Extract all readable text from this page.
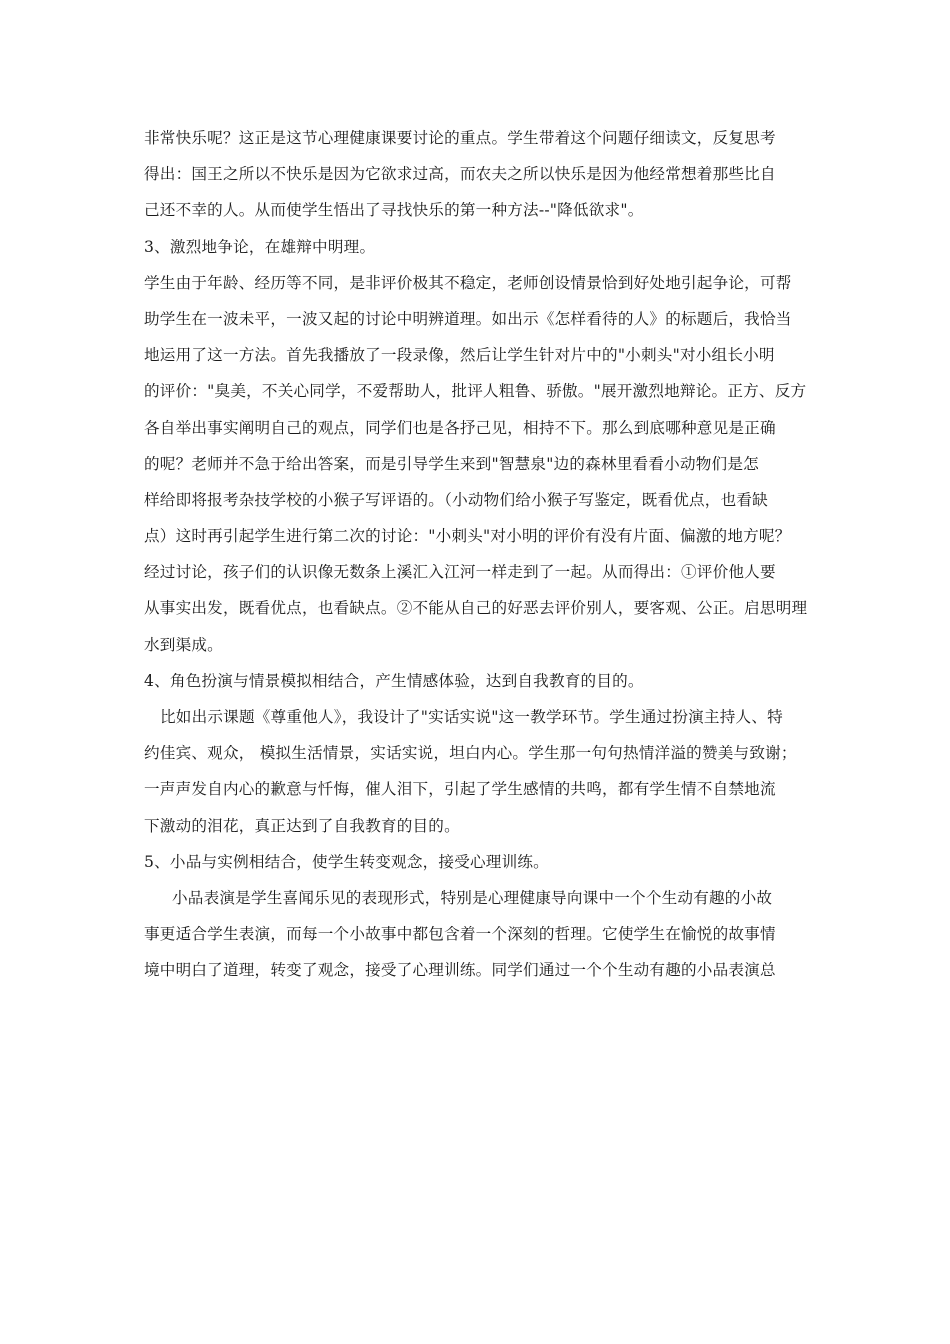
非常快乐呢？这正是这节心理健康课要讨论的重点。学生带着这个问题仔细读文，反复思考
得出：国王之所以不快乐是因为它欲求过高，而农夫之所以快乐是因为他经常想着那些比自
己还不幸的人。从而使学生悟出了寻找快乐的第一种方法--"降低欲求"。
3、激烈地争论，在雄辩中明理。
学生由于年龄、经历等不同，是非评价极其不稳定，老师创设情景恰到好处地引起争论，可帮
助学生在一波未平，一波又起的讨论中明辨道理。如出示《怎样看待的人》的标题后，我恰当
地运用了这一方法。首先我播放了一段录像，然后让学生针对片中的"小刺头"对小组长小明
的评价："臭美，不关心同学，不爱帮助人，批评人粗鲁、骄傲。"展开激烈地辩论。正方、反方
各自举出事实阐明自己的观点，同学们也是各抒己见，相持不下。那么到底哪种意见是正确
的呢？老师并不急于给出答案，而是引导学生来到"智慧泉"边的森林里看看小动物们是怎
样给即将报考杂技学校的小猴子写评语的。（小动物们给小猴子写鉴定，既看优点，也看缺
点）这时再引起学生进行第二次的讨论："小刺头"对小明的评价有没有片面、偏激的地方呢？
经过讨论，孩子们的认识像无数条上溪汇入江河一样走到了一起。从而得出：①评价他人要
从事实出发，既看优点，也看缺点。②不能从自己的好恶去评价别人，要客观、公正。启思明理
水到渠成。
4、角色扮演与情景模拟相结合，产生情感体验，达到自我教育的目的。
比如出示课题《尊重他人》，我设计了"实话实说"这一教学环节。学生通过扮演主持人、特
约佳宾、观众， 模拟生活情景，实话实说，坦白内心。学生那一句句热情洋溢的赞美与致谢；
一声声发自内心的歉意与忏悔，催人泪下，引起了学生感情的共鸣，都有学生情不自禁地流
下激动的泪花，真正达到了自我教育的目的。
5、小品与实例相结合，使学生转变观念，接受心理训练。
小品表演是学生喜闻乐见的表现形式，特别是心理健康导向课中一个个生动有趣的小故
事更适合学生表演，而每一个小故事中都包含着一个深刻的哲理。它使学生在愉悦的故事情
境中明白了道理，转变了观念，接受了心理训练。同学们通过一个个生动有趣的小品表演总
